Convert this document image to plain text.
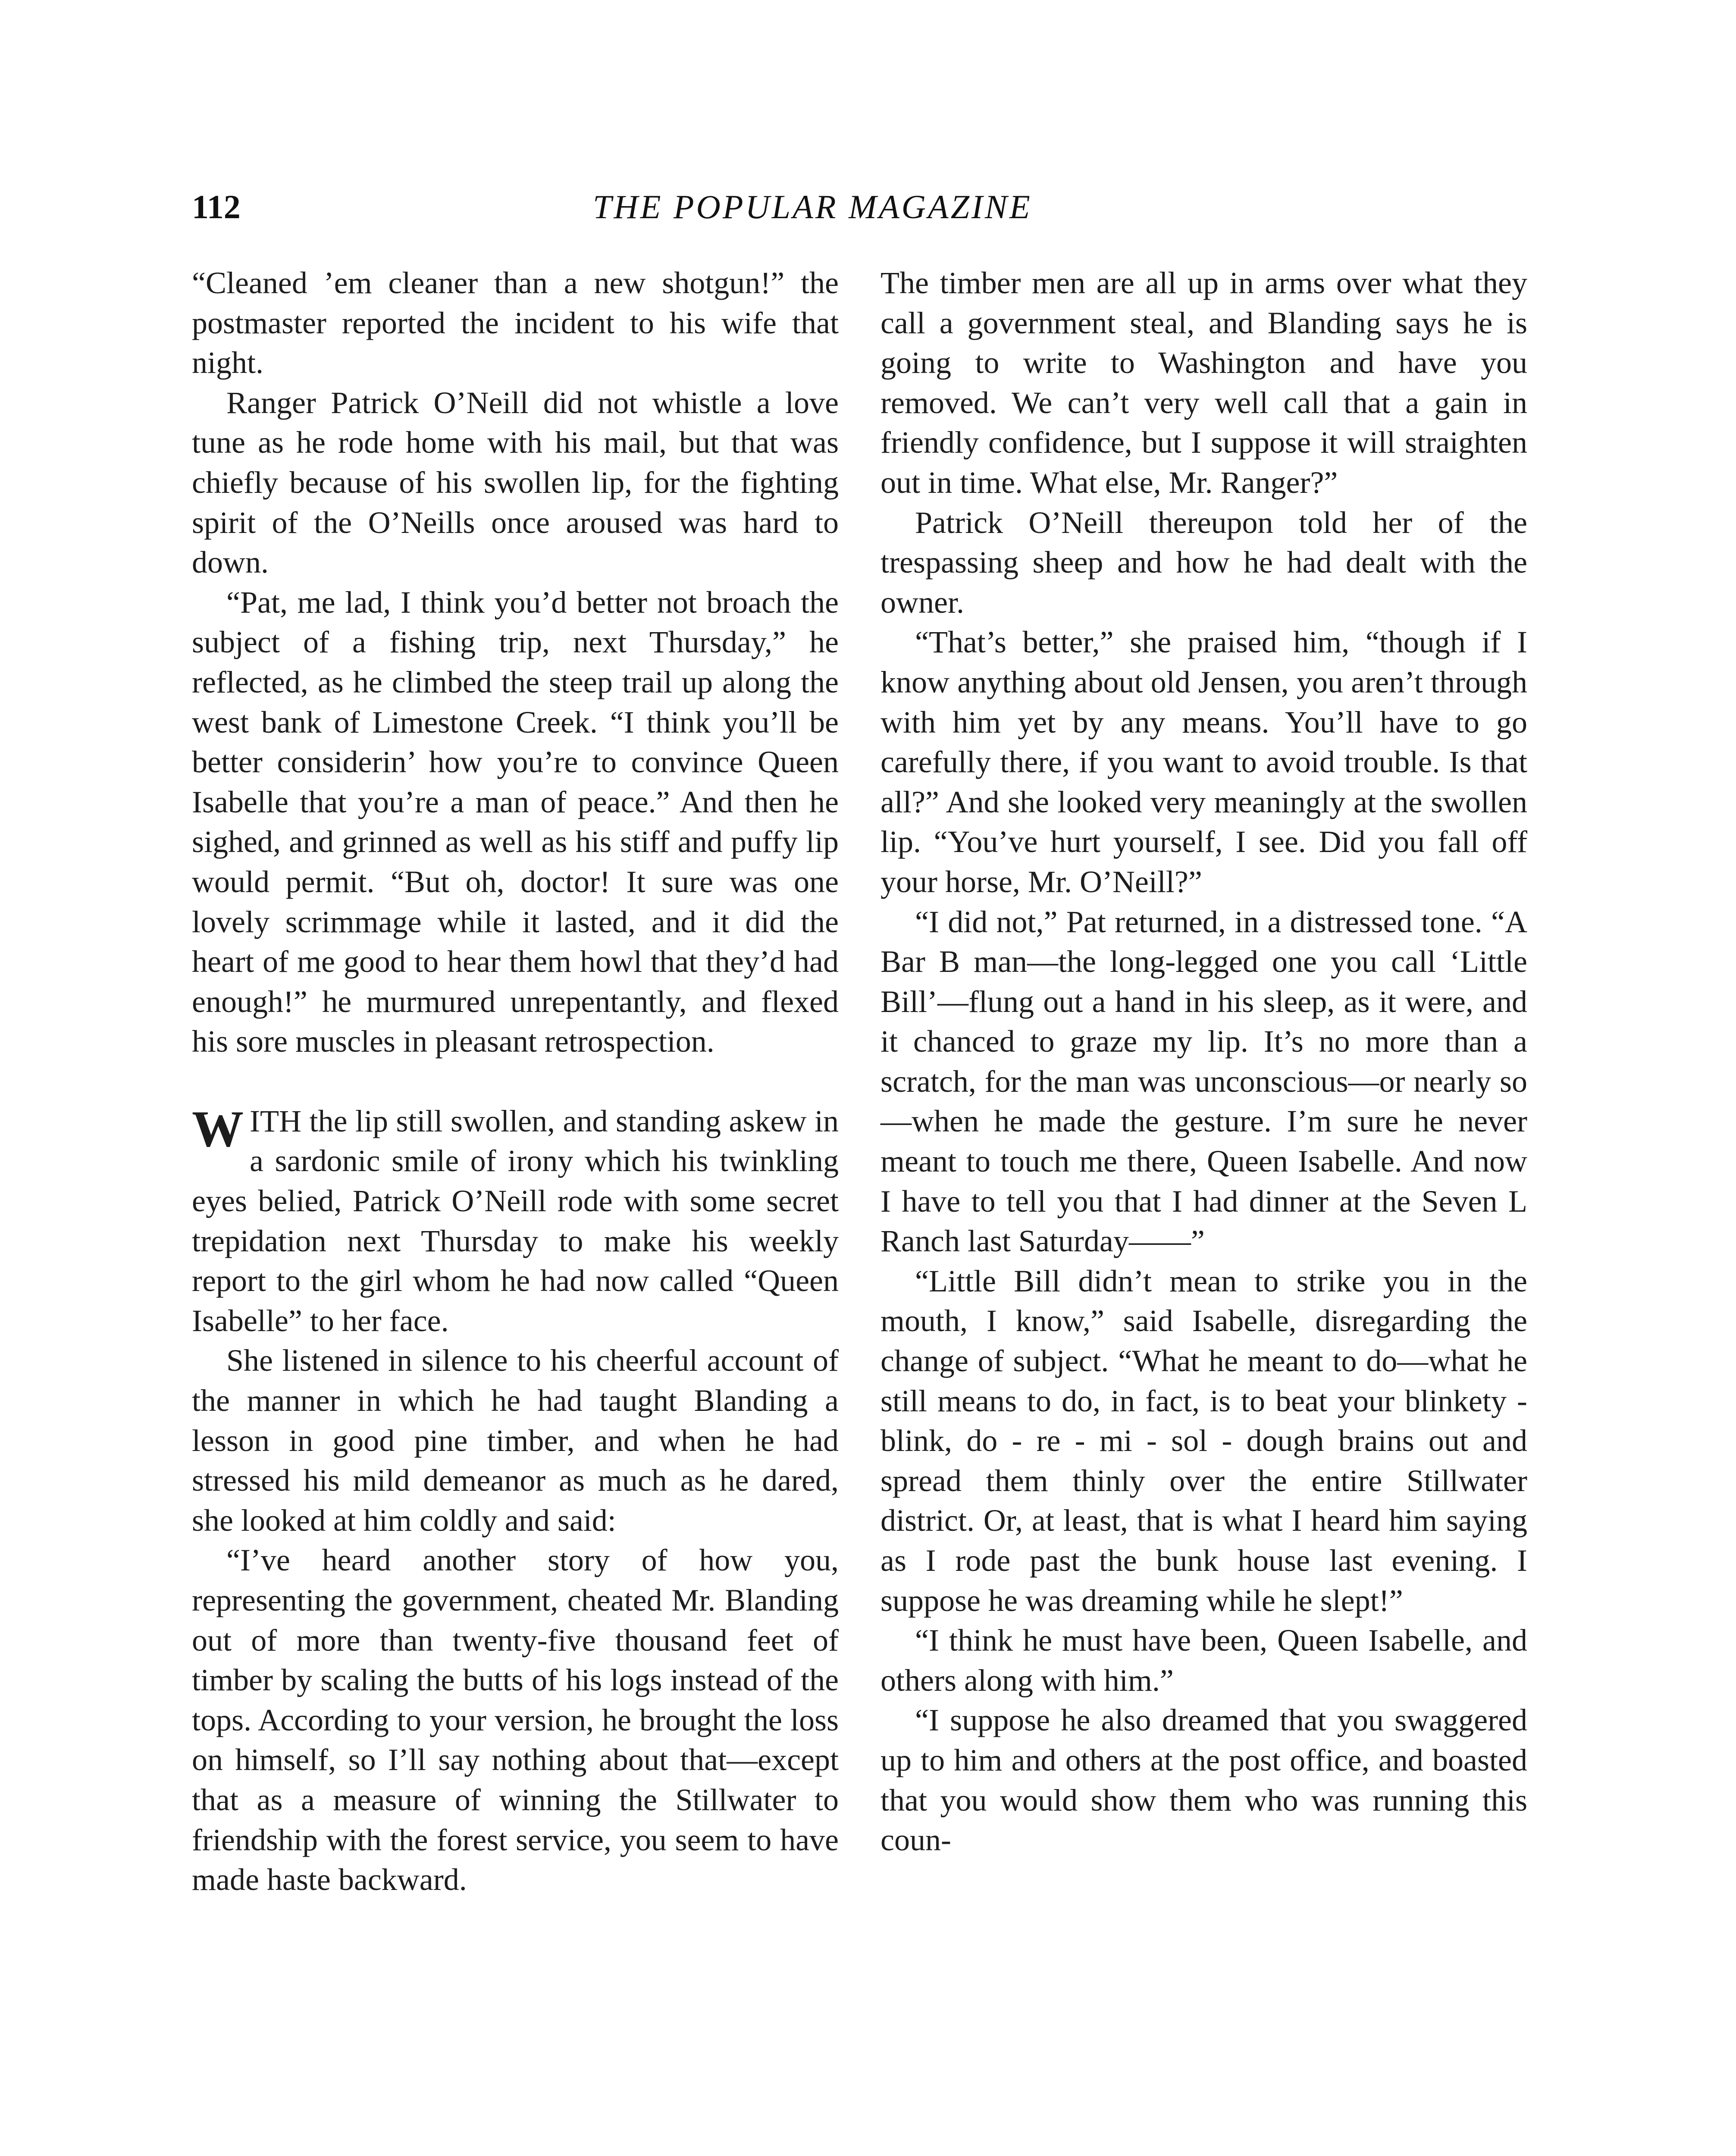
112	THE POPULAR MAGAZINE

“Cleaned ’em cleaner than a new shotgun!” the postmaster reported the incident to his wife that night.

Ranger Patrick O’Neill did not whistle a love tune as he rode home with his mail, but that was chiefly because of his swollen lip, for the fighting spirit of the O’Neills once aroused was hard to down.

“Pat, me lad, I think you’d better not broach the subject of a fishing trip, next Thursday,” he reflected, as he climbed the steep trail up along the west bank of Limestone Creek. “I think you’ll be better considerin’ how you’re to convince Queen Isabelle that you’re a man of peace.” And then he sighed, and grinned as well as his stiff and puffy lip would permit. “But oh, doctor! It sure was one lovely scrimmage while it lasted, and it did the heart of me good to hear them howl that they’d had enough!” he murmured unrepentantly, and flexed his sore muscles in pleasant retrospection.

WITH the lip still swollen, and standing askew in a sardonic smile of irony which his twinkling eyes belied, Patrick O’Neill rode with some secret trepidation next Thursday to make his weekly report to the girl whom he had now called “Queen Isabelle” to her face.

She listened in silence to his cheerful account of the manner in which he had taught Blanding a lesson in good pine timber, and when he had stressed his mild demeanor as much as he dared, she looked at him coldly and said:

“I’ve heard another story of how you, representing the government, cheated Mr. Blanding out of more than twenty-five thousand feet of timber by scaling the butts of his logs instead of the tops. According to your version, he brought the loss on himself, so I’ll say nothing about that—except that as a measure of winning the Stillwater to friendship with the forest service, you seem to have made haste backward.

The timber men are all up in arms over what they call a government steal, and Blanding says he is going to write to Washington and have you removed. We can’t very well call that a gain in friendly confidence, but I suppose it will straighten out in time. What else, Mr. Ranger?”

Patrick O’Neill thereupon told her of the trespassing sheep and how he had dealt with the owner.

“That’s better,” she praised him, “though if I know anything about old Jensen, you aren’t through with him yet by any means. You’ll have to go carefully there, if you want to avoid trouble. Is that all?” And she looked very meaningly at the swollen lip. “You’ve hurt yourself, I see. Did you fall off your horse, Mr. O’Neill?”

“I did not,” Pat returned, in a distressed tone. “A Bar B man—the long-legged one you call ‘Little Bill’—flung out a hand in his sleep, as it were, and it chanced to graze my lip. It’s no more than a scratch, for the man was unconscious—or nearly so—when he made the gesture. I’m sure he never meant to touch me there, Queen Isabelle. And now I have to tell you that I had dinner at the Seven L Ranch last Saturday——”

“Little Bill didn’t mean to strike you in the mouth, I know,” said Isabelle, disregarding the change of subject. “What he meant to do—what he still means to do, in fact, is to beat your blinkety - blink, do - re - mi - sol - dough brains out and spread them thinly over the entire Stillwater district. Or, at least, that is what I heard him saying as I rode past the bunk house last evening. I suppose he was dreaming while he slept!”

“I think he must have been, Queen Isabelle, and others along with him.”

“I suppose he also dreamed that you swaggered up to him and others at the post office, and boasted that you would show them who was running this coun-
